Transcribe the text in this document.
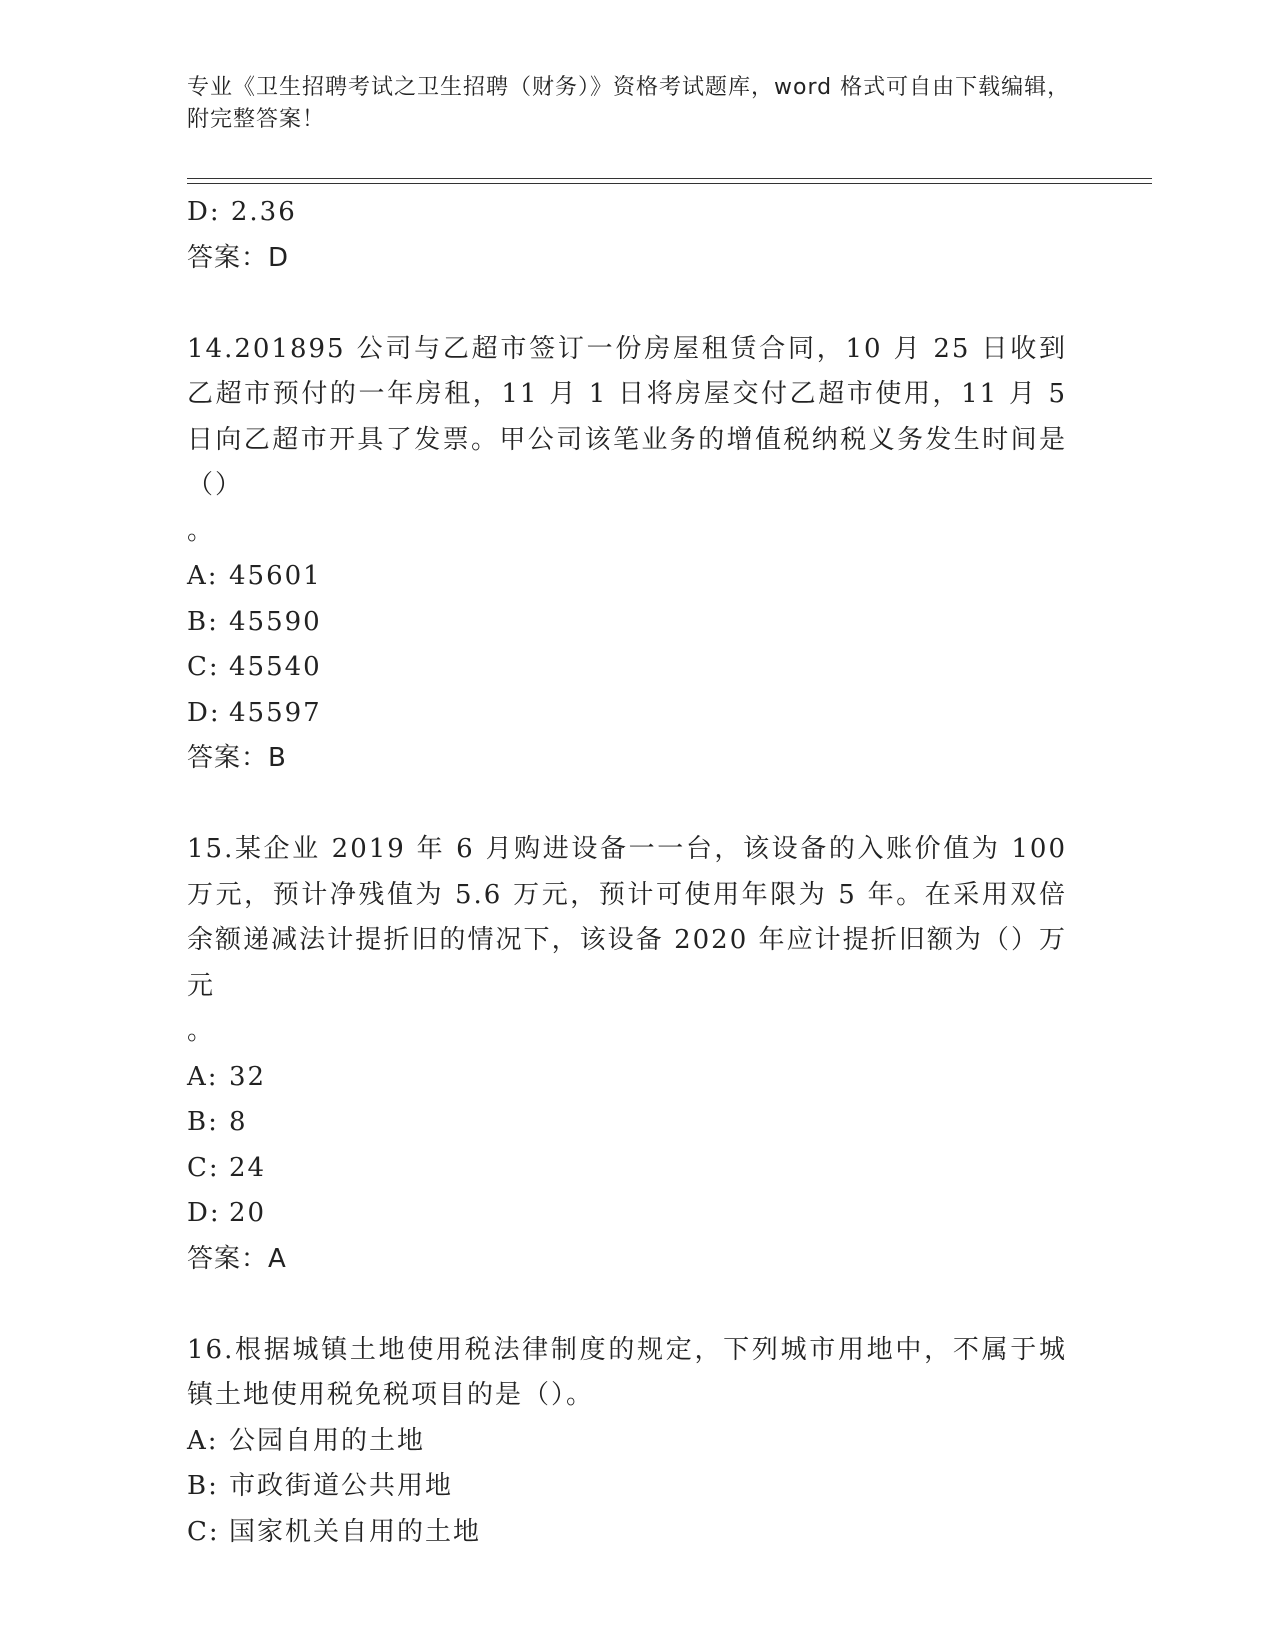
专业《卫生招聘考试之卫生招聘（财务）》资格考试题库，word 格式可自由下载编辑，附完整答案！
D: 2.36
答案：D
14.201895 公司与乙超市签订一份房屋租赁合同，10 月 25 日收到乙超市预付的一年房租，11 月 1 日将房屋交付乙超市使用，11 月 5 日向乙超市开具了发票。甲公司该笔业务的增值税纳税义务发生时间是（）
。
A: 45601
B: 45590
C: 45540
D: 45597
答案：B
15.某企业 2019 年 6 月购进设备一一台，该设备的入账价值为 100 万元，预计净残值为 5.6 万元，预计可使用年限为 5 年。在采用双倍余额递减法计提折旧的情况下，该设备 2020 年应计提折旧额为（）万元
。
A: 32
B: 8
C: 24
D: 20
答案：A
16.根据城镇土地使用税法律制度的规定，下列城市用地中，不属于城镇土地使用税免税项目的是（）。
A: 公园自用的土地
B: 市政街道公共用地
C: 国家机关自用的土地
